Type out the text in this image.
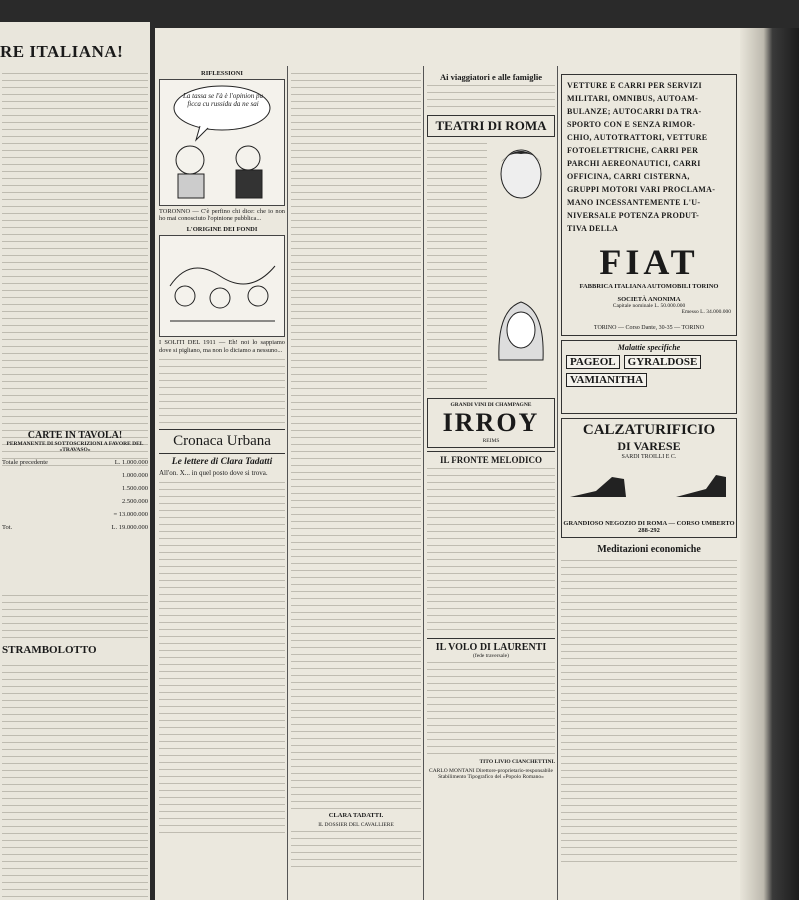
RE ITALIANA!
CARTE IN TAVOLA!
PERMANENTE DI SOTTOSCRIZIONI A FAVORE DEL «TRAVASO»
Totale precedente	L. 1.000.000
1.000.000
1.500.000
2.500.000
= 13.000.000
Tot.	L. 19.000.000
STRAMBOLOTTO
RIFLESSIONI
La tassa se l'à è l'opinion pu ficca cu russidu da ne sai
TORONNO — C'è perfino chi dice: che io non ho mai conosciuto l'opinione pubblica...
L'ORIGINE DEI FONDI
I SOLITI DEL 1911 — Eh! noi lo sappiamo dove si pigliano, ma non lo diciamo a nessuno...
Cronaca Urbana
Le lettere di Clara Tadatti
All'on. X... in quel posto dove si trova.
CLARA TADATTI.
IL DOSSIER DEL CAVALLIERE
Ai viaggiatori e alle famiglie
TEATRI DI ROMA
GRANDI VINI DI CHAMPAGNE
IRROY
REIMS
IL FRONTE MELODICO
IL VOLO DI LAURENTI
(fede traversale)
TITO LIVIO CIANCHETTINI.
CARLO MONTANI Direttore-proprietario-responsabile
Stabilimento Tipografico del «Popolo Romano»
VETTURE E CARRI PER SERVIZI
MILITARI, OMNIBUS, AUTOAM-
BULANZE; AUTOCARRI DA TRA-
SPORTO CON E SENZA RIMOR-
CHIO, AUTOTRATTORI, VETTURE
FOTOELETTRICHE, CARRI PER
PARCHI AEREONAUTICI, CARRI
OFFICINA, CARRI CISTERNA,
GRUPPI MOTORI VARI PROCLAMA-
MANO INCESSANTEMENTE L'U-
NIVERSALE POTENZA PRODUT-
TIVA DELLA
FIAT
FABBRICA ITALIANA AUTOMOBILI TORINO
SOCIETÀ ANONIMA
Capitale nominale L. 50.000.000
Emesso L. 34.000.000
TORINO — Corso Dante, 30-35 — TORINO
Malattie specifiche
PAGEOL GYRALDOSEVAMIANITHA
CALZATURIFICIO
DI VARESE
SARDI TROILLI E C.
GRANDIOSO NEGOZIO DI ROMA — CORSO UMBERTO 288-292
Meditazioni economiche
